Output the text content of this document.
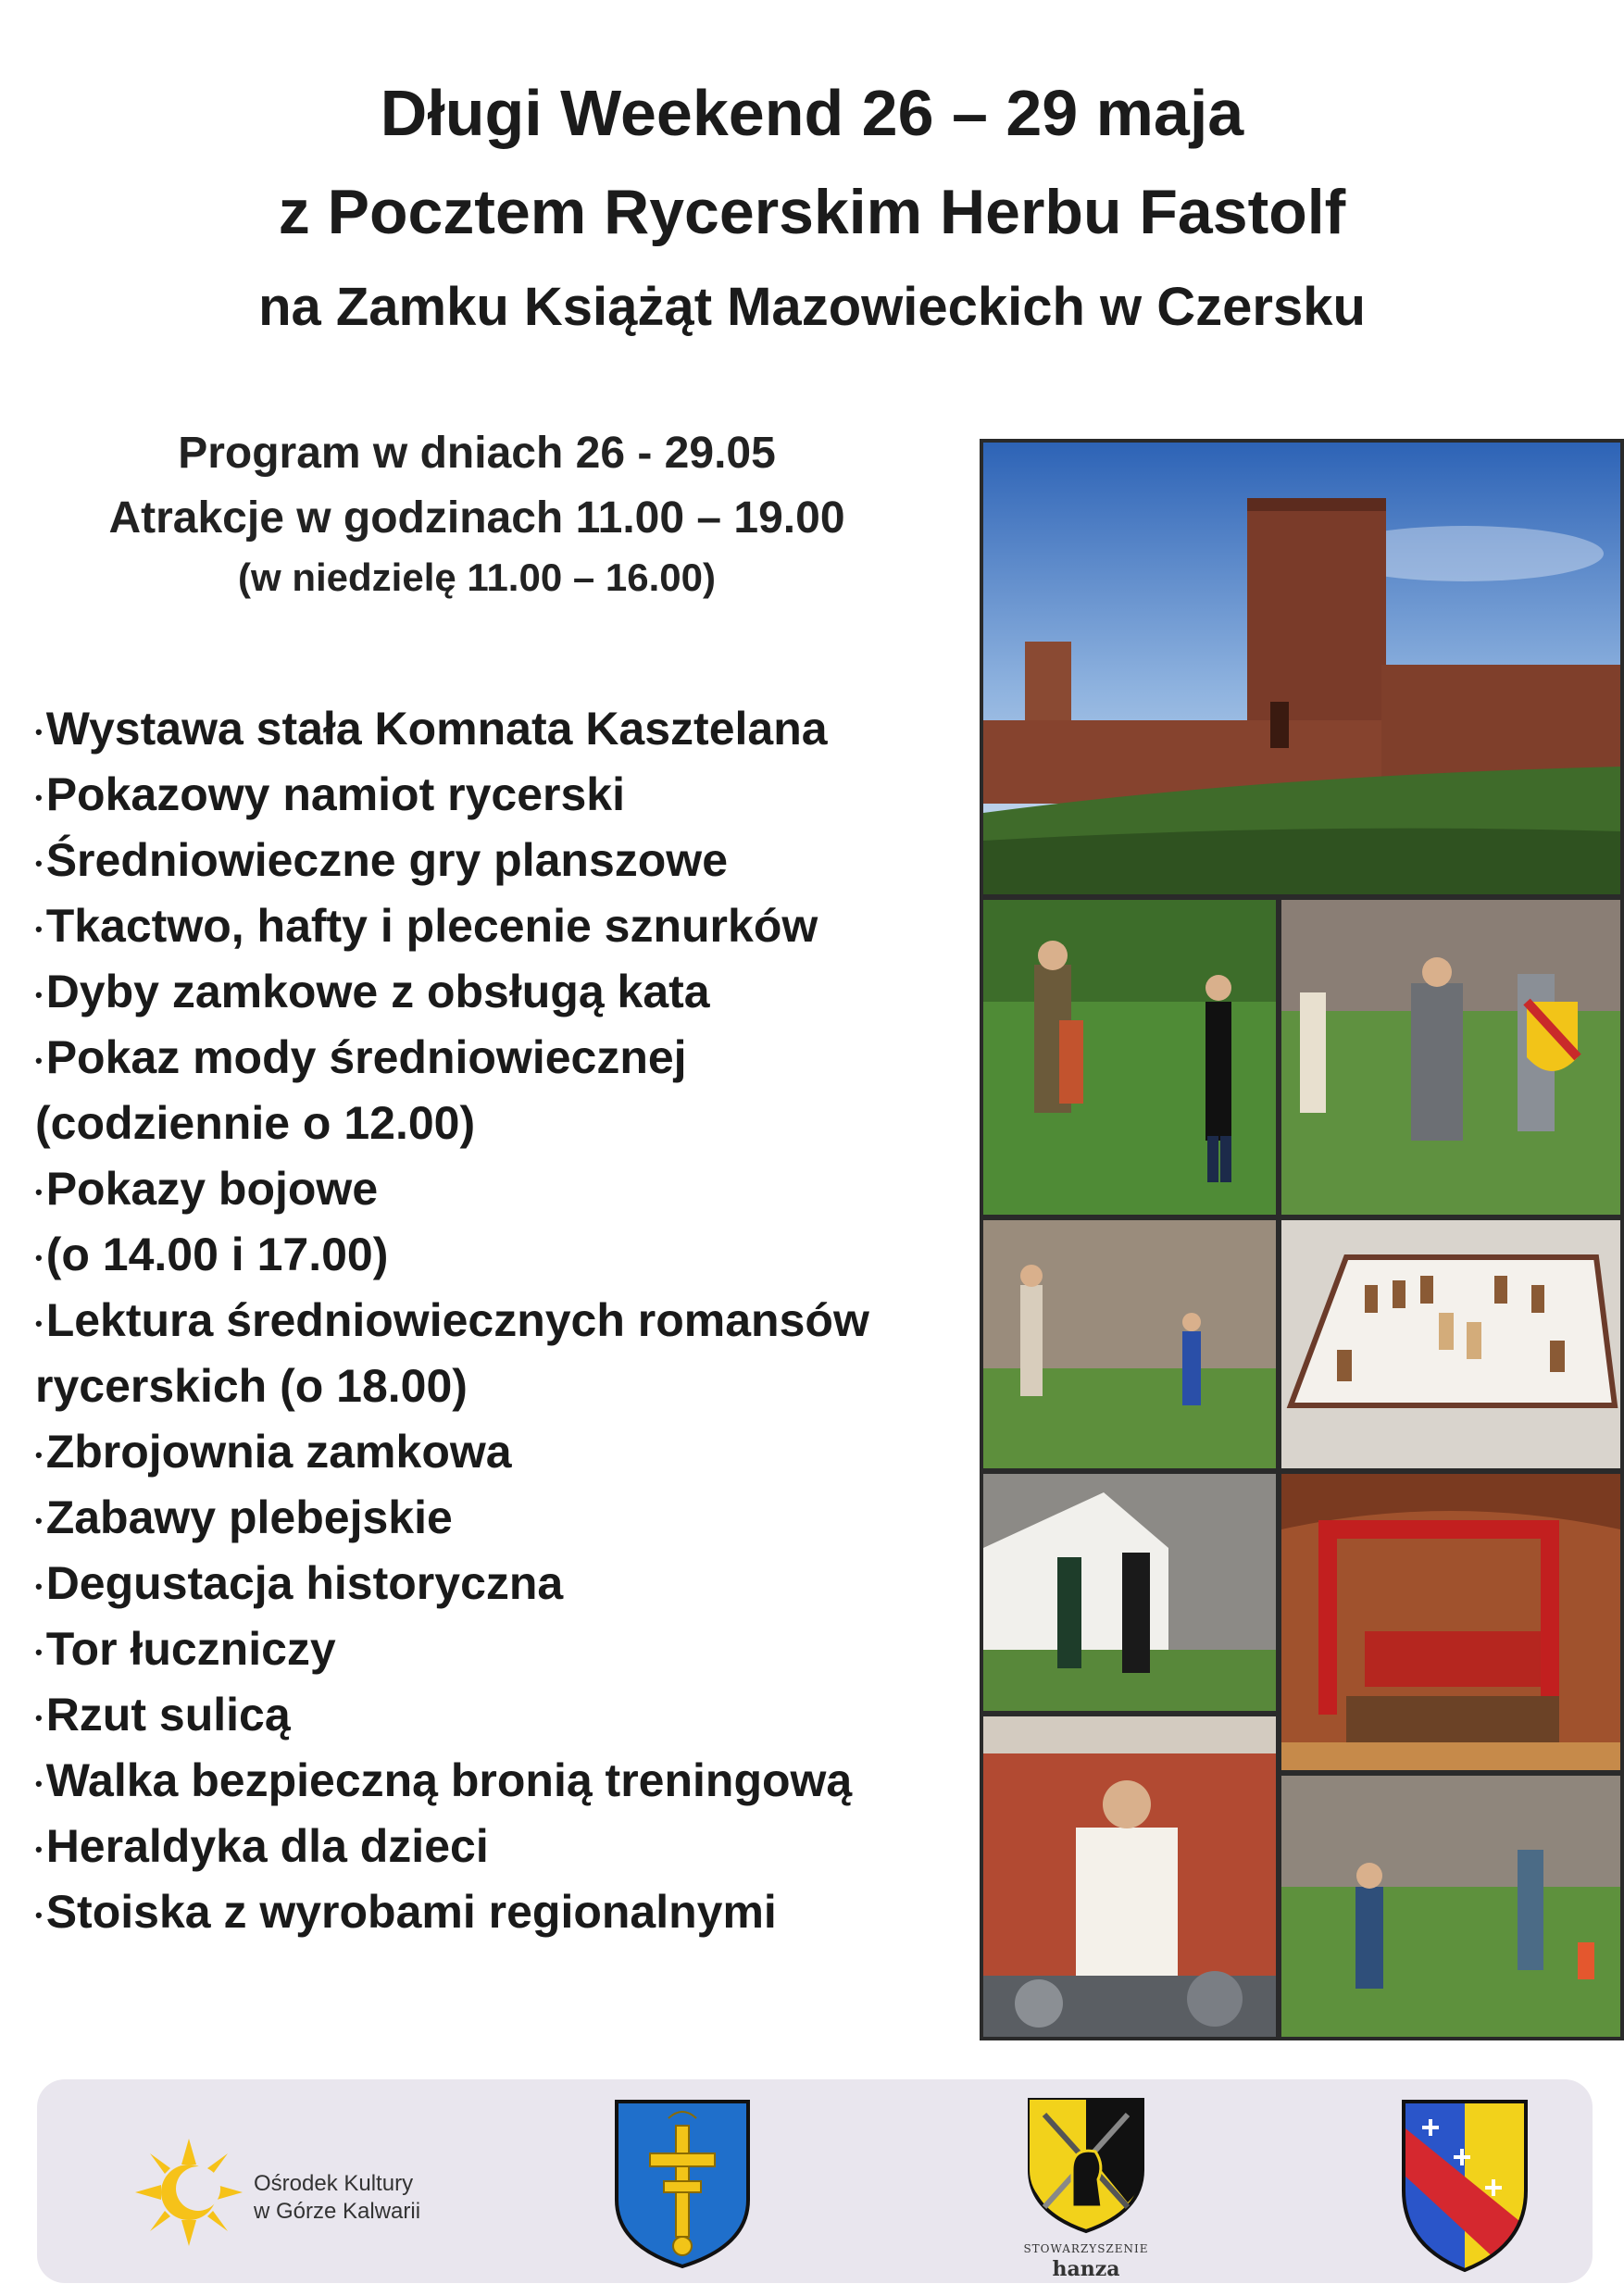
Długi Weekend 26 – 29 maja
z Pocztem Rycerskim Herbu Fastolf
na Zamku Książąt Mazowieckich w Czersku
Program w dniach 26 - 29.05
Atrakcje w godzinach 11.00 – 19.00
(w niedzielę 11.00 – 16.00)
•Wystawa stała Komnata Kasztelana
•Pokazowy namiot rycerski
•Średniowieczne gry planszowe
•Tkactwo, hafty i plecenie sznurków
•Dyby zamkowe z obsługą kata
•Pokaz mody średniowiecznej
(codziennie o 12.00)
•Pokazy bojowe
•(o 14.00 i 17.00)
•Lektura średniowiecznych romansów
rycerskich (o 18.00)
•Zbrojownia zamkowa
•Zabawy plebejskie
•Degustacja historyczna
•Tor łuczniczy
•Rzut sulicą
•Walka bezpieczną bronią treningową
•Heraldyka dla dzieci
•Stoiska z wyrobami regionalnymi
Ośrodek Kultury
w Górze Kalwarii
STOWARZYSZENIE
hanza
